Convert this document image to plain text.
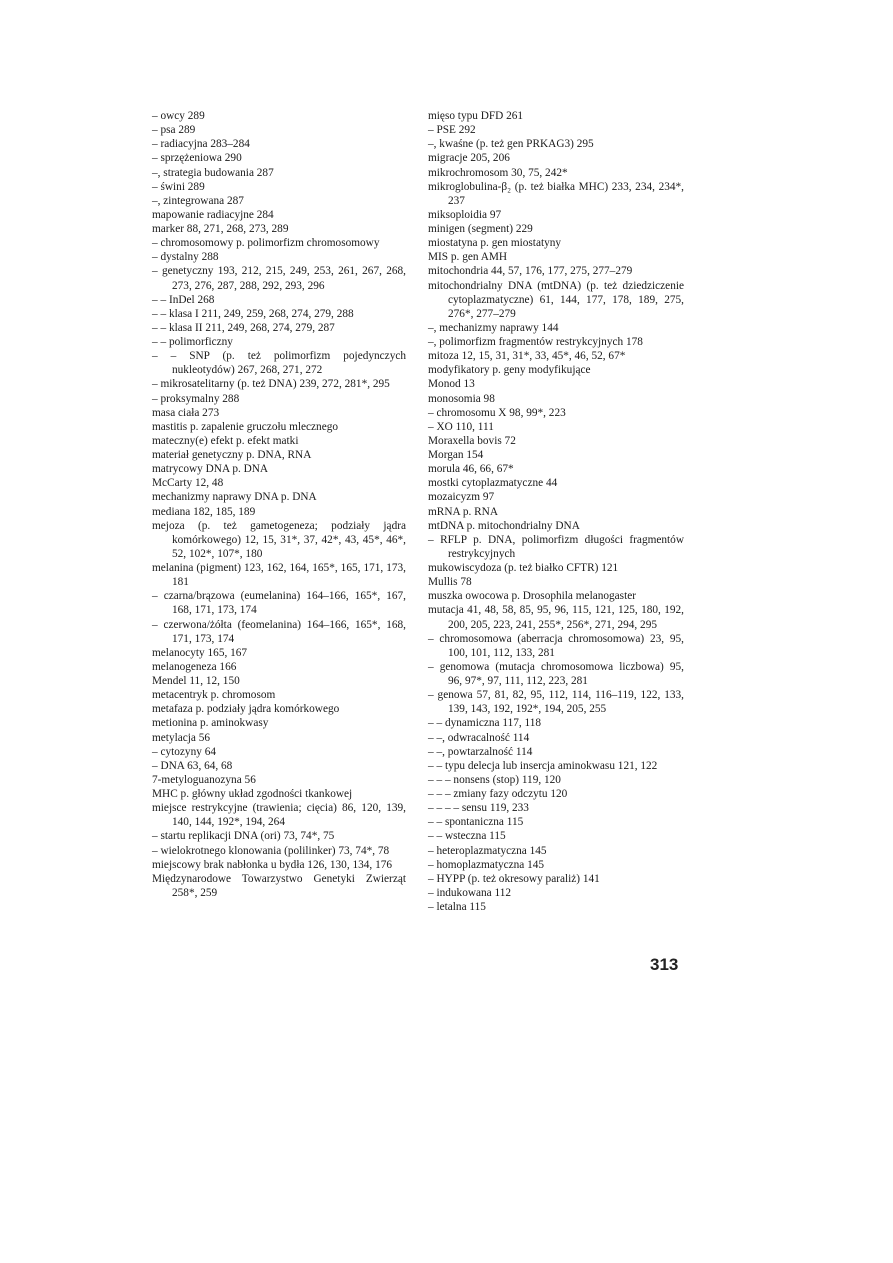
– owcy 289

– psa 289

– radiacyjna 283–284

– sprzężeniowa 290

–, strategia budowania 287

– świni 289

–, zintegrowana 287

mapowanie radiacyjne 284

marker 88, 271, 268, 273, 289

– chromosomowy p. polimorfizm chromosomowy

– dystalny 288

– genetyczny 193, 212, 215, 249, 253, 261, 267, 268, 273, 276, 287, 288, 292, 293, 296

– – InDel 268

– – klasa I 211, 249, 259, 268, 274, 279, 288

– – klasa II 211, 249, 268, 274, 279, 287

– – polimorficzny

– – SNP (p. też polimorfizm pojedynczych nukleotydów) 267, 268, 271, 272

– mikrosatelitarny (p. też DNA) 239, 272, 281*, 295

– proksymalny 288

masa ciała 273

mastitis p. zapalenie gruczołu mlecznego

mateczny(e) efekt p. efekt matki

materiał genetyczny p. DNA, RNA

matrycowy DNA p. DNA

McCarty 12, 48

mechanizmy naprawy DNA p. DNA

mediana 182, 185, 189

mejoza (p. też gametogeneza; podziały jądra komórkowego) 12, 15, 31*, 37, 42*, 43, 45*, 46*, 52, 102*, 107*, 180

melanina (pigment) 123, 162, 164, 165*, 165, 171, 173, 181

– czarna/brązowa (eumelanina) 164–166, 165*, 167, 168, 171, 173, 174

– czerwona/żółta (feomelanina) 164–166, 165*, 168, 171, 173, 174

melanocyty 165, 167

melanogeneza 166

Mendel 11, 12, 150

metacentryk p. chromosom

metafaza p. podziały jądra komórkowego

metionina p. aminokwasy

metylacja 56

– cytozyny 64

– DNA 63, 64, 68

7-metyloguanozyna 56

MHC p. główny układ zgodności tkankowej

miejsce restrykcyjne (trawienia; cięcia) 86, 120, 139, 140, 144, 192*, 194, 264

– startu replikacji DNA (ori) 73, 74*, 75

– wielokrotnego klonowania (polilinker) 73, 74*, 78

miejscowy brak nabłonka u bydła 126, 130, 134, 176

Międzynarodowe Towarzystwo Genetyki Zwierząt 258*, 259

mięso typu DFD 261

– PSE 292

–, kwaśne (p. też gen PRKAG3) 295

migracje 205, 206

mikrochromosom 30, 75, 242*

mikroglobulina-β₂ (p. też białka MHC) 233, 234, 234*, 237

miksoploidia 97

minigen (segment) 229

miostatyna p. gen miostatyny

MIS p. gen AMH

mitochondria 44, 57, 176, 177, 275, 277–279

mitochondrialny DNA (mtDNA) (p. też dziedziczenie cytoplazmatyczne) 61, 144, 177, 178, 189, 275, 276*, 277–279

–, mechanizmy naprawy 144

–, polimorfizm fragmentów restrykcyjnych 178

mitoza 12, 15, 31, 31*, 33, 45*, 46, 52, 67*

modyfikatory p. geny modyfikujące

Monod 13

monosomia 98

– chromosomu X 98, 99*, 223

– XO 110, 111

Moraxella bovis 72

Morgan 154

morula 46, 66, 67*

mostki cytoplazmatyczne 44

mozaicyzm 97

mRNA p. RNA

mtDNA p. mitochondrialny DNA

– RFLP p. DNA, polimorfizm długości fragmentów restrykcyjnych

mukowiscydoza (p. też białko CFTR) 121

Mullis 78

muszka owocowa p. Drosophila melanogaster

mutacja 41, 48, 58, 85, 95, 96, 115, 121, 125, 180, 192, 200, 205, 223, 241, 255*, 256*, 271, 294, 295

– chromosomowa (aberracja chromosomowa) 23, 95, 100, 101, 112, 133, 281

– genomowa (mutacja chromosomowa liczbowa) 95, 96, 97*, 97, 111, 112, 223, 281

– genowa 57, 81, 82, 95, 112, 114, 116–119, 122, 133, 139, 143, 192, 192*, 194, 205, 255

– – dynamiczna 117, 118

– –, odwracalność 114

– –, powtarzalność 114

– – typu delecja lub insercja aminokwasu 121, 122

– – – nonsens (stop) 119, 120

– – – zmiany fazy odczytu 120

– – – – sensu 119, 233

– – spontaniczna 115

– – wsteczna 115

– heteroplazmatyczna 145

– homoplazmatyczna 145

– HYPP (p. też okresowy paraliż) 141

– indukowana 112

– letalna 115

313
